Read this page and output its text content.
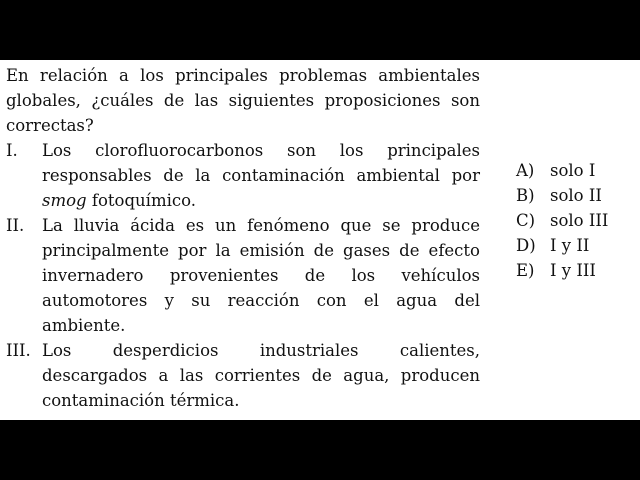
En relación a los principales problemas ambientales globales, ¿cuáles de las siguientes proposiciones son correctas?
I.	Los clorofluorocarbonos son los principales responsables de la contaminación ambiental por smog fotoquímico.
II.	La lluvia ácida es un fenómeno que se produce principalmente por la emisión de gases de efecto invernadero provenientes de los vehículos automotores y su reacción con el agua del ambiente.
III. Los desperdicios industriales calientes, descargados a las corrientes de agua, producen contaminación térmica.
A) solo I
B) solo II
C) solo III
D) I y II
E) I y III
